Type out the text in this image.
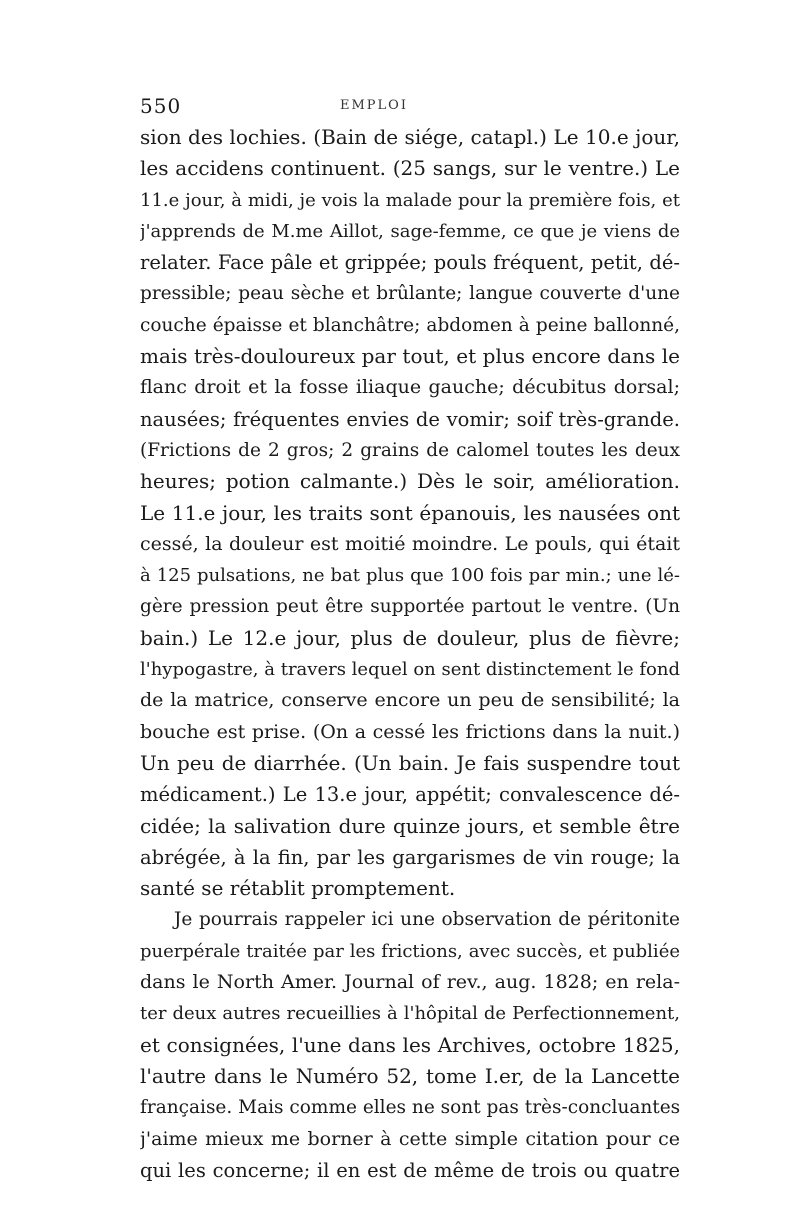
550	EMPLOI
sion des lochies. (Bain de siége, catapl.) Le 10.e jour,
les accidens continuent. (25 sangs, sur le ventre.) Le
11.e jour, à midi, je vois la malade pour la première fois, et
j'apprends de M.me Aillot, sage-femme, ce que je viens de
relater. Face pâle et grippée; pouls fréquent, petit, dé-
pressible; peau sèche et brûlante; langue couverte d'une
couche épaisse et blanchâtre; abdomen à peine ballonné,
mais très-douloureux par tout, et plus encore dans le
flanc droit et la fosse iliaque gauche; décubitus dorsal;
nausées; fréquentes envies de vomir; soif très-grande.
(Frictions de 2 gros; 2 grains de calomel toutes les deux
heures; potion calmante.) Dès le soir, amélioration.
Le 11.e jour, les traits sont épanouis, les nausées ont
cessé, la douleur est moitié moindre. Le pouls, qui était
à 125 pulsations, ne bat plus que 100 fois par min.; une lé-
gère pression peut être supportée partout le ventre. (Un
bain.) Le 12.e jour, plus de douleur, plus de fièvre;
l'hypogastre, à travers lequel on sent distinctement le fond
de la matrice, conserve encore un peu de sensibilité; la
bouche est prise. (On a cessé les frictions dans la nuit.)
Un peu de diarrhée. (Un bain. Je fais suspendre tout
médicament.) Le 13.e jour, appétit; convalescence dé-
cidée; la salivation dure quinze jours, et semble être
abrégée, à la fin, par les gargarismes de vin rouge; la
santé se rétablit promptement.
Je pourrais rappeler ici une observation de péritonite
puerpérale traitée par les frictions, avec succès, et publiée
dans le North Amer. Journal of rev., aug. 1828; en rela-
ter deux autres recueillies à l'hôpital de Perfectionnement,
et consignées, l'une dans les Archives, octobre 1825,
l'autre dans le Numéro 52, tome I.er, de la Lancette
française. Mais comme elles ne sont pas très-concluantes
j'aime mieux me borner à cette simple citation pour ce
qui les concerne; il en est de même de trois ou quatre
